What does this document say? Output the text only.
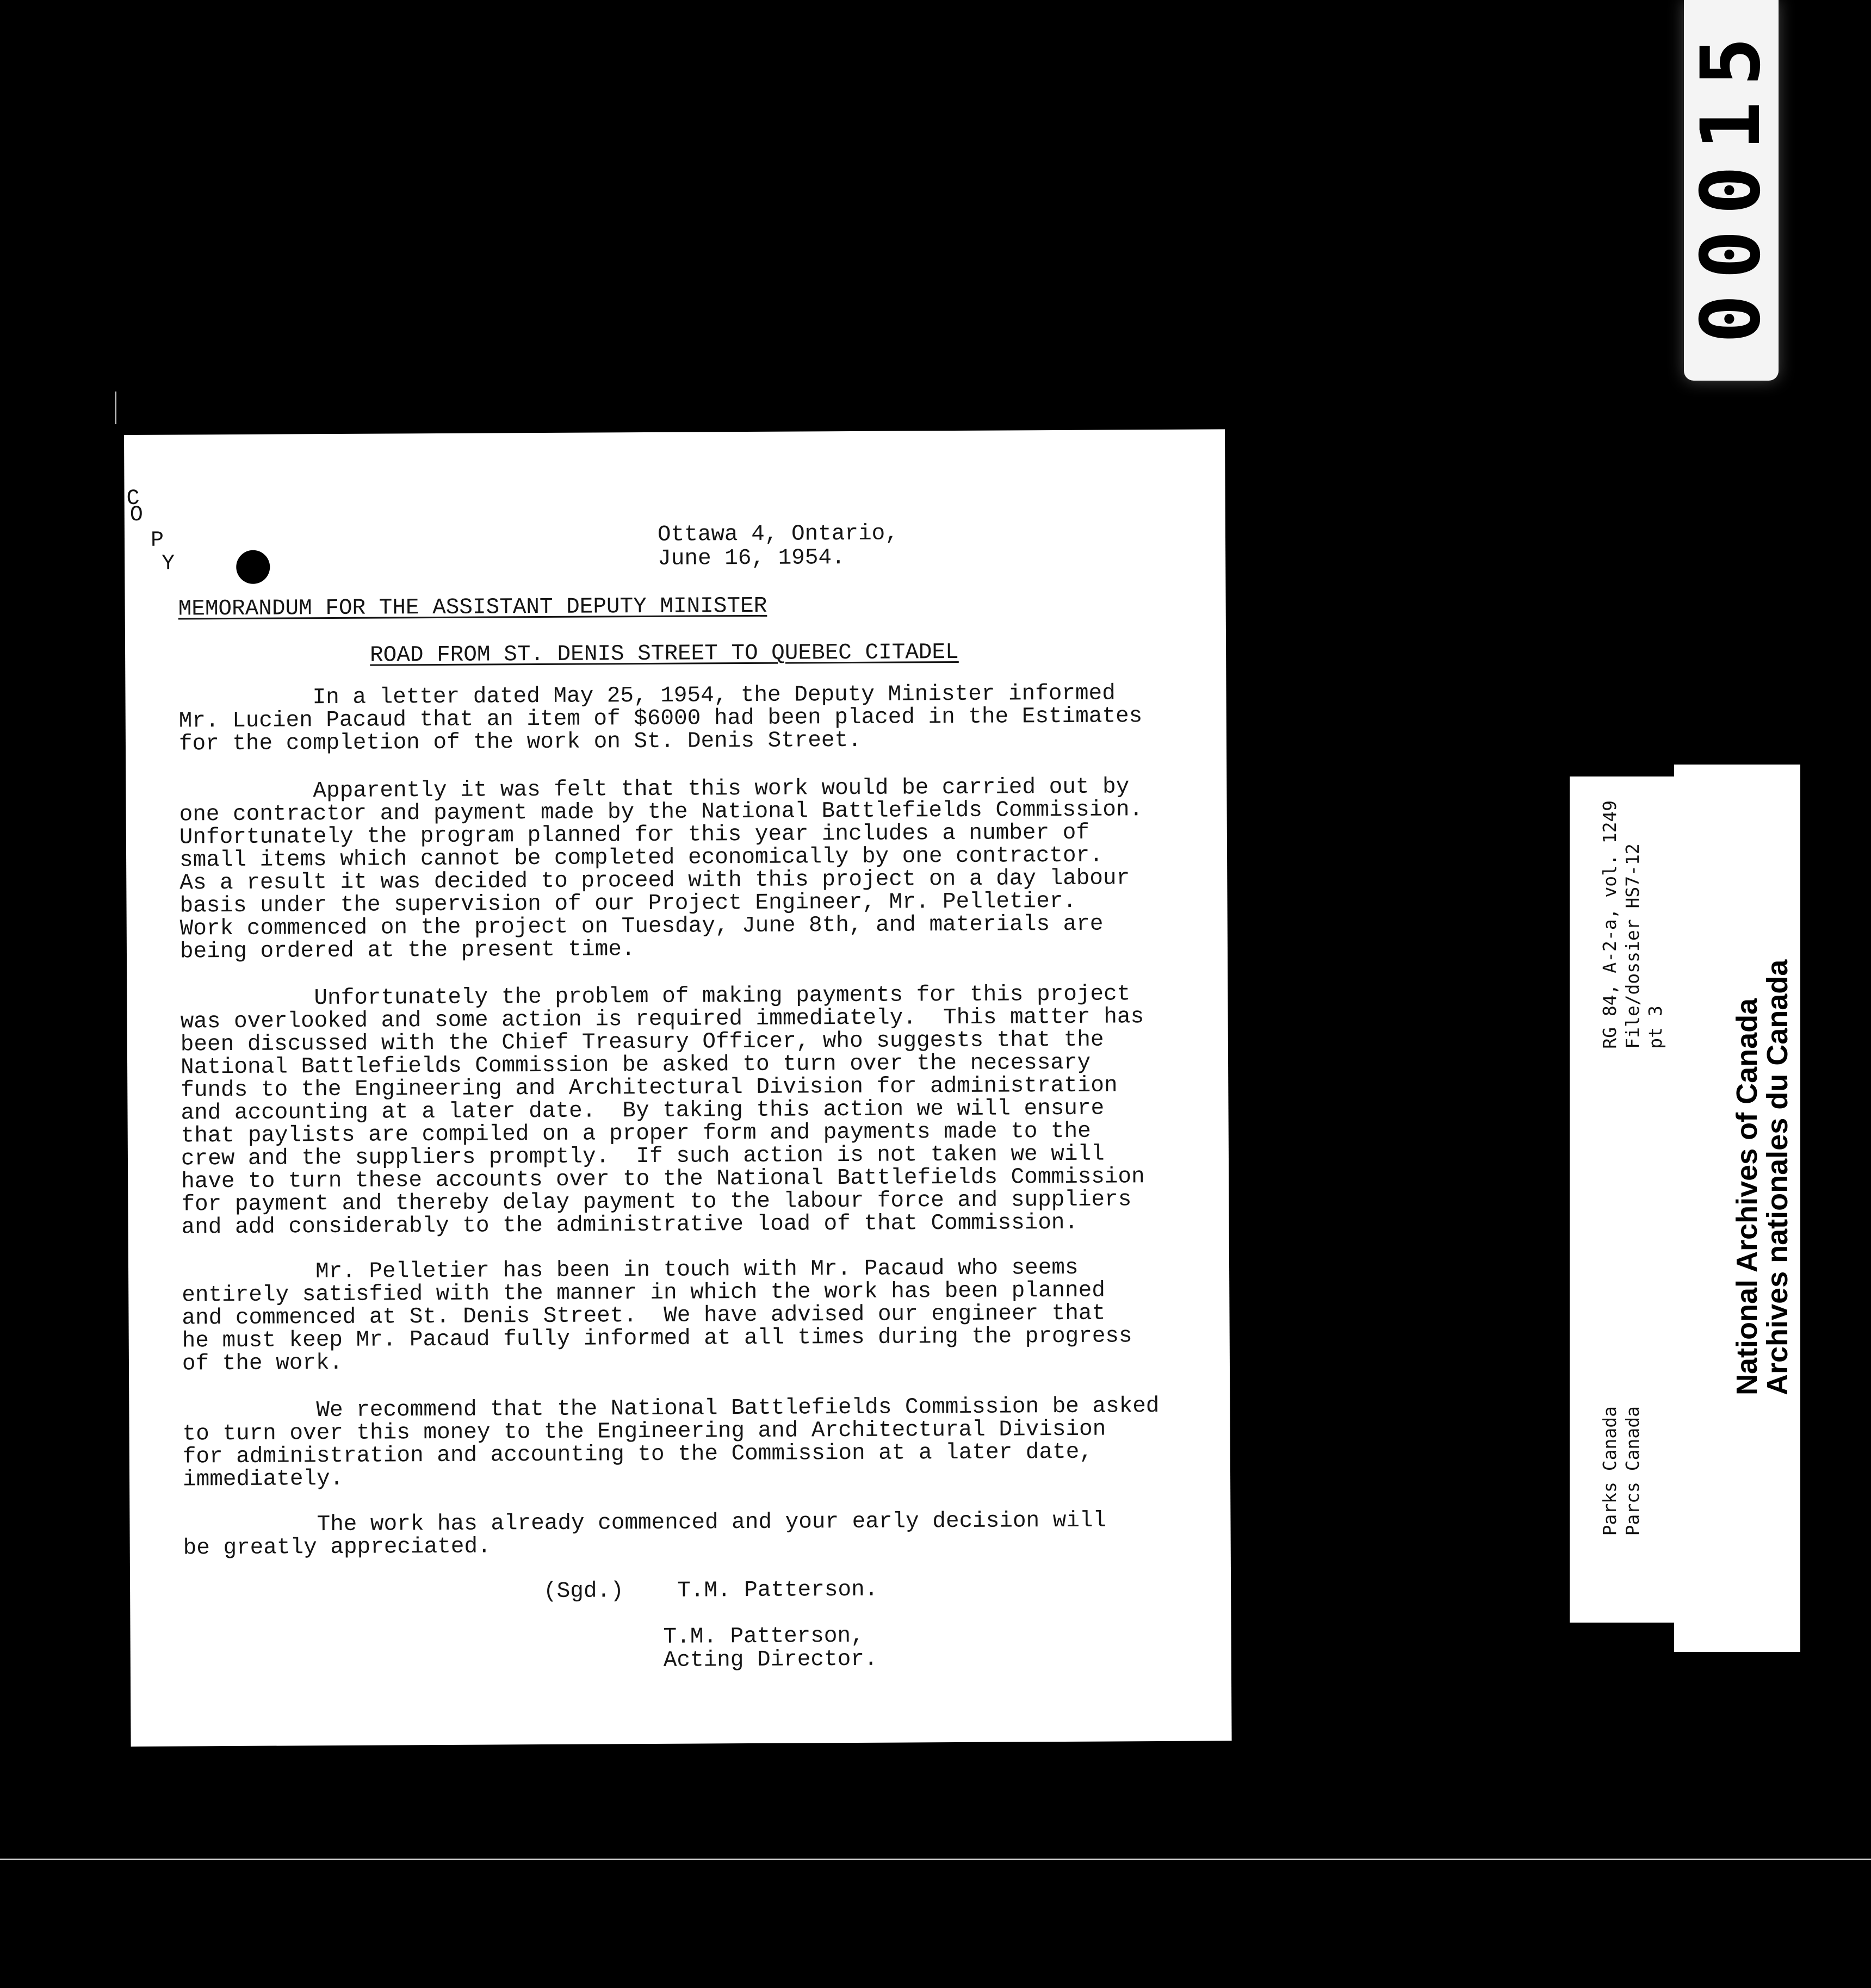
00015
C
O
P
Y

Ottawa 4, Ontario,

June 16, 1954.

MEMORANDUM FOR THE ASSISTANT DEPUTY MINISTER

ROAD FROM ST. DENIS STREET TO QUEBEC CITADEL

In a letter dated May 25, 1954, the Deputy Minister informed
Mr. Lucien Pacaud that an item of $6000 had been placed in the Estimates
for the completion of the work on St. Denis Street.

Apparently it was felt that this work would be carried out by
one contractor and payment made by the National Battlefields Commission.
Unfortunately the program planned for this year includes a number of
small items which cannot be completed economically by one contractor.
As a result it was decided to proceed with this project on a day labour
basis under the supervision of our Project Engineer, Mr. Pelletier.
Work commenced on the project on Tuesday, June 8th, and materials are
being ordered at the present time.

Unfortunately the problem of making payments for this project
was overlooked and some action is required immediately.  This matter has
been discussed with the Chief Treasury Officer, who suggests that the
National Battlefields Commission be asked to turn over the necessary
funds to the Engineering and Architectural Division for administration
and accounting at a later date.  By taking this action we will ensure
that paylists are compiled on a proper form and payments made to the
crew and the suppliers promptly.  If such action is not taken we will
have to turn these accounts over to the National Battlefields Commission
for payment and thereby delay payment to the labour force and suppliers
and add considerably to the administrative load of that Commission.

Mr. Pelletier has been in touch with Mr. Pacaud who seems
entirely satisfied with the manner in which the work has been planned
and commenced at St. Denis Street.  We have advised our engineer that
he must keep Mr. Pacaud fully informed at all times during the progress
of the work.

We recommend that the National Battlefields Commission be asked
to turn over this money to the Engineering and Architectural Division
for administration and accounting to the Commission at a later date,
immediately.

The work has already commenced and your early decision will
be greatly appreciated.

(Sgd.)    T.M. Patterson.

T.M. Patterson,

Acting Director.

Parks Canada
Parcs Canada

RG 84, A-2-a, vol. 1249
File/dossier HS7-12
pt 3
	National Archives of Canada

Archives nationales du Canada
